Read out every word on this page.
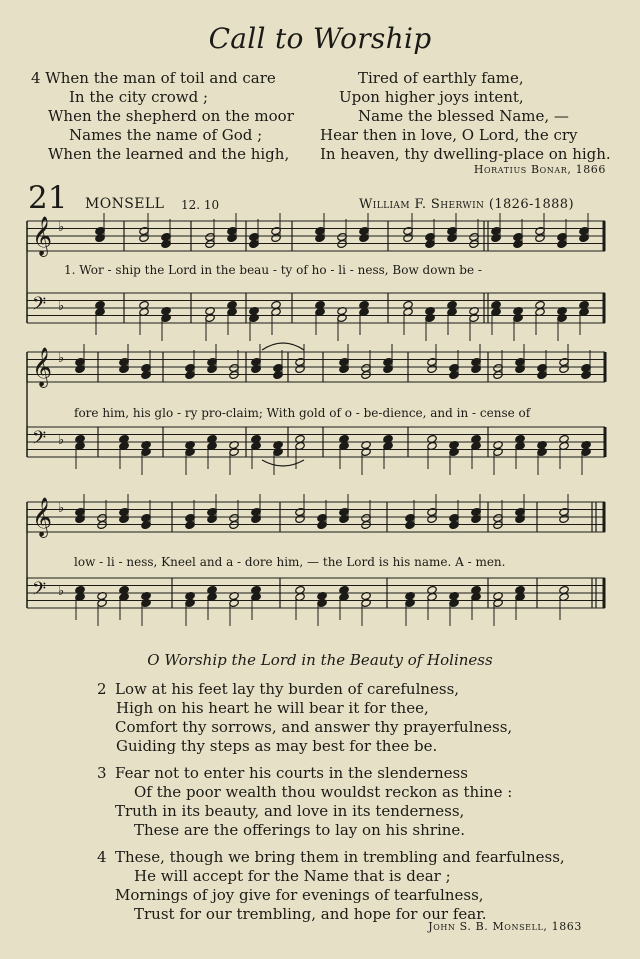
Call to Worship
4 When the man of toil and care
In the city crowd ;
When the shepherd on the moor
Names the name of God ;
When the learned and the high,
Tired of earthly fame,
Upon higher joys intent,
Name the blessed Name, —
Hear then in love, O Lord, the cry
In heaven, thy dwelling-place on high.
Horatius Bonar, 1866
21 MONSELL 12. 10	William F. Sherwin (1826-1888)
𝄞 ♭
𝄢 ♭
𝄞 ♭
𝄢 ♭
𝄞 ♭
𝄢 ♭
1. Wor - ship the Lord in the beau - ty of ho - li - ness, Bow down be -
fore him, his glo - ry pro-claim; With gold of o - be-dience, and in - cense of
low - li - ness, Kneel and a - dore him, — the Lord is his name. A - men.
O Worship the Lord in the Beauty of Holiness
2 Low at his feet lay thy burden of carefulness,
High on his heart he will bear it for thee,
Comfort thy sorrows, and answer thy prayerfulness,
Guiding thy steps as may best for thee be.
3 Fear not to enter his courts in the slenderness
Of the poor wealth thou wouldst reckon as thine :
Truth in its beauty, and love in its tenderness,
These are the offerings to lay on his shrine.
4 These, though we bring them in trembling and fearfulness,
He will accept for the Name that is dear ;
Mornings of joy give for evenings of tearfulness,
Trust for our trembling, and hope for our fear.
John S. B. Monsell, 1863
